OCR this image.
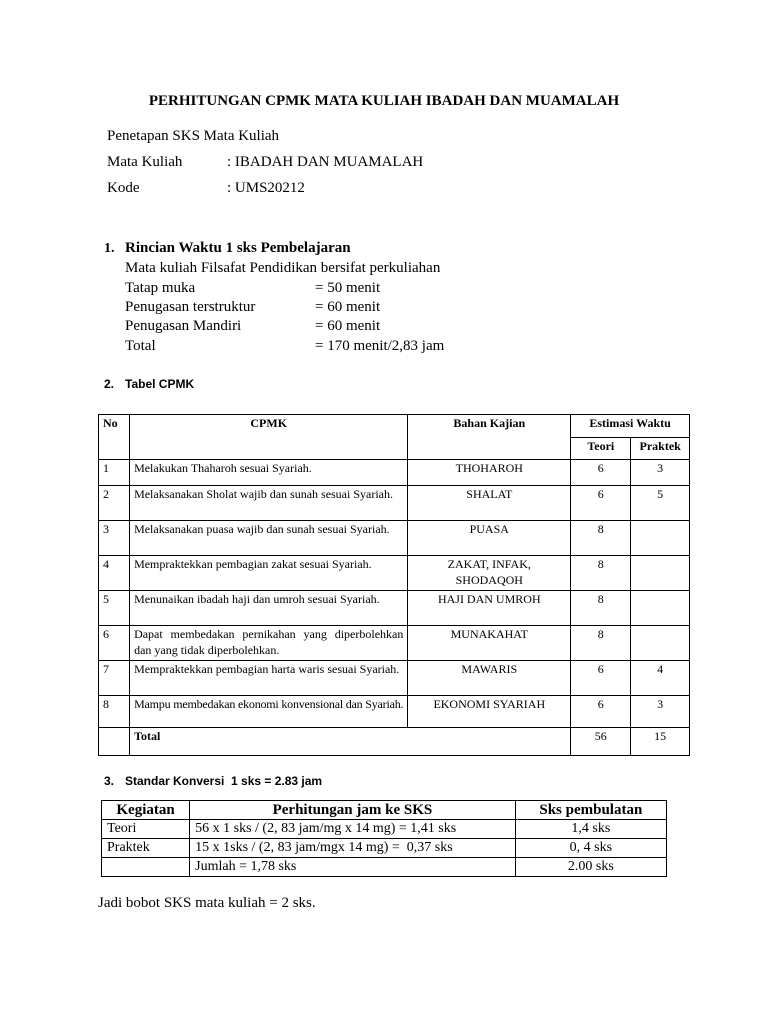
PERHITUNGAN CPMK MATA KULIAH IBADAH DAN MUAMALAH
Penetapan SKS Mata Kuliah
Mata Kuliah	: IBADAH DAN MUAMALAH
Kode	: UMS20212
1. Rincian Waktu 1 sks Pembelajaran
Mata kuliah Filsafat Pendidikan bersifat perkuliahan
Tatap muka	= 50 menit
Penugasan terstruktur	= 60 menit
Penugasan Mandiri	= 60 menit
Total	= 170 menit/2,83 jam
2. Tabel CPMK
No	CPMK	Bahan Kajian	Estimasi Waktu	
			Teori	Praktek
1	Melakukan Thaharoh sesuai Syariah.	THOHAROH	6	3
2	Melaksanakan Sholat wajib dan sunah sesuai Syariah.	SHALAT	6	5
3	Melaksanakan puasa wajib dan sunah sesuai Syariah.	PUASA	8	
4	Mempraktekkan pembagian zakat sesuai Syariah.	ZAKAT, INFAK, SHODAQOH	8	
5	Menunaikan ibadah haji dan umroh sesuai Syariah.	HAJI DAN UMROH	8	
6	Dapat membedakan pernikahan yang diperbolehkan dan yang tidak diperbolehkan.	MUNAKAHAT	8	
7	Mempraktekkan pembagian harta waris sesuai Syariah.	MAWARIS	6	4
8	Mampu membedakan ekonomi konvensional dan Syariah.	EKONOMI SYARIAH	6	3
	Total		56	15
3. Standar Konversi  1 sks = 2.83 jam
Kegiatan	Perhitungan jam ke SKS	Sks pembulatan
Teori	56 x 1 sks / (2, 83 jam/mg x 14 mg) = 1,41 sks	1,4 sks
Praktek	15 x 1sks / (2, 83 jam/mgx 14 mg) =  0,37 sks	0, 4 sks
	Jumlah = 1,78 sks	2.00 sks
Jadi bobot SKS mata kuliah = 2 sks.
